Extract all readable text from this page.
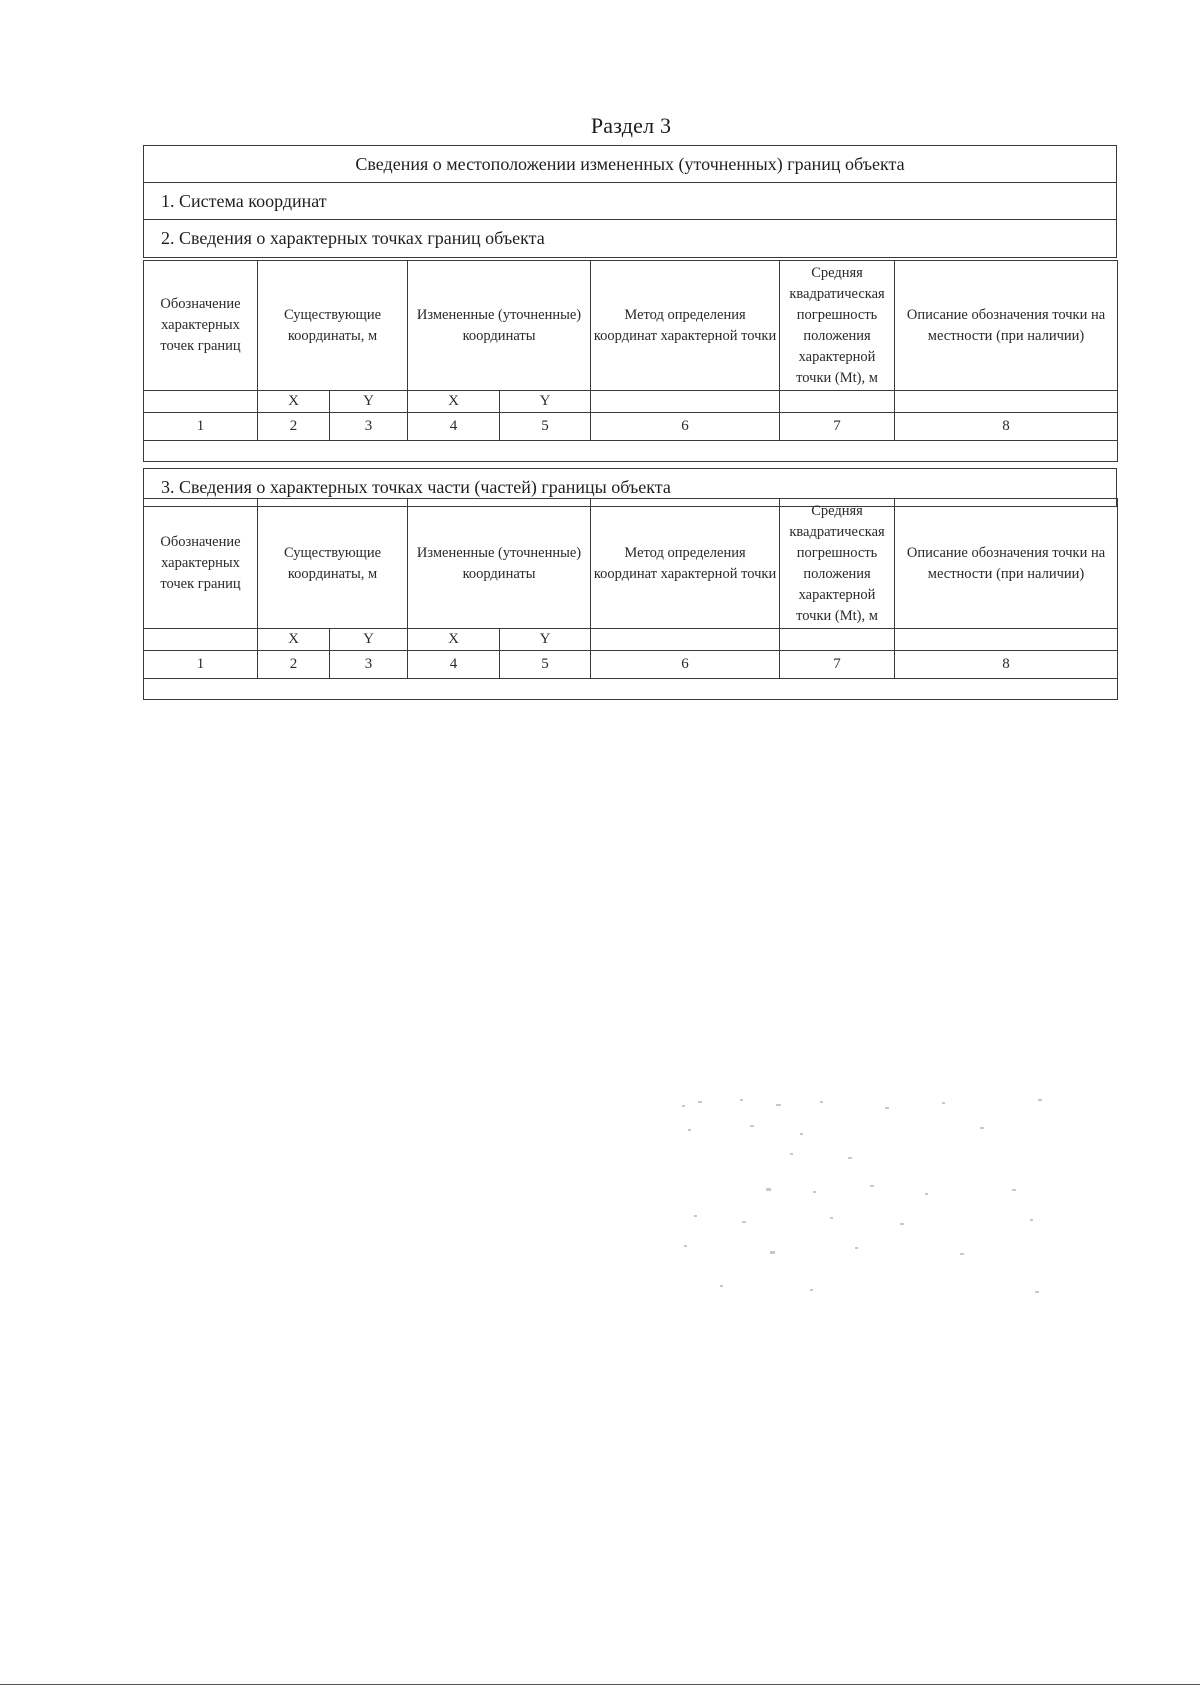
Раздел 3
Сведения о местоположении измененных (уточненных) границ объекта
1. Система координат
2. Сведения о характерных точках границ объекта
Обозначение характерных точек границ	Существующие координаты, м		Измененные (уточненные) координаты		Метод определения координат характерной точки	Средняя квадратическая погрешность положения характерной точки (Mt), м	Описание обозначения точки на местности (при наличии)
	X	Y	X	Y			
1	2	3	4	5	6	7	8

3. Сведения о характерных точках части (частей) границы объекта
Обозначение характерных точек границ	Существующие координаты, м		Измененные (уточненные) координаты		Метод определения координат характерной точки	Средняя квадратическая погрешность положения характерной точки (Mt), м	Описание обозначения точки на местности (при наличии)
	X	Y	X	Y			
1	2	3	4	5	6	7	8
